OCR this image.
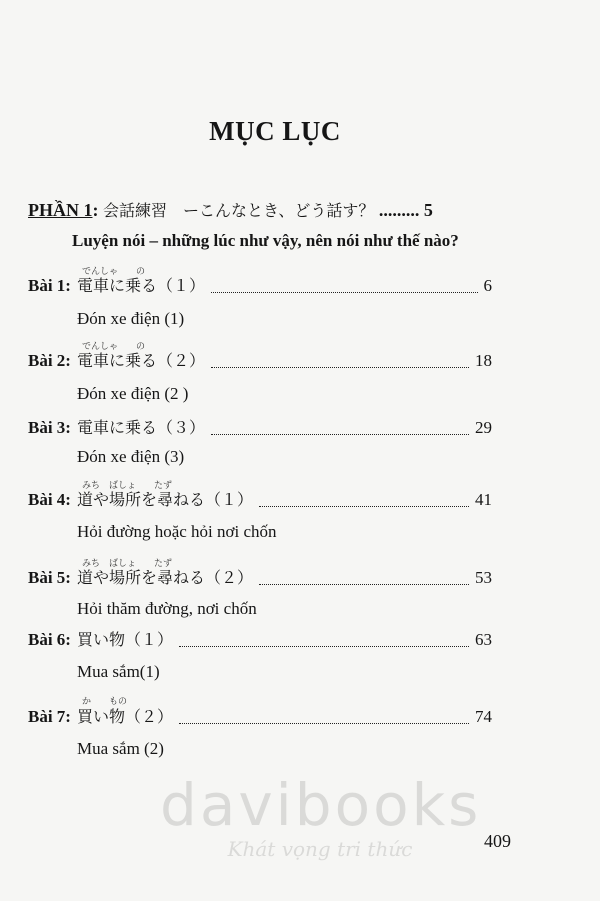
MỤC LỤC
PHẦN 1: 会話練習　ーこんなとき、どう話す？ ......... 5
Luyện nói – những lúc như vậy, nên nói như thế nào?
でんしゃ　　の
Bài 1: 電車に乗る（１）	6
Đón xe điện (1)
でんしゃ　　の
Bài 2: 電車に乗る（２）	18
Đón xe điện (2 )
Bài 3: 電車に乗る（３）	29
Đón xe điện (3)
みち　ばしょ　　たず
Bài 4: 道や場所を尋ねる（１）	41
Hỏi đường hoặc hỏi nơi chốn
みち　ばしょ　　たず
Bài 5: 道や場所を尋ねる（２）	53
Hỏi thăm đường, nơi chốn
Bài 6: 買い物（１）	63
Mua sắm(1)
か　　もの
Bài 7: 買い物（２）	74
Mua sắm (2)
409
davibooks
Khát vọng tri thức
